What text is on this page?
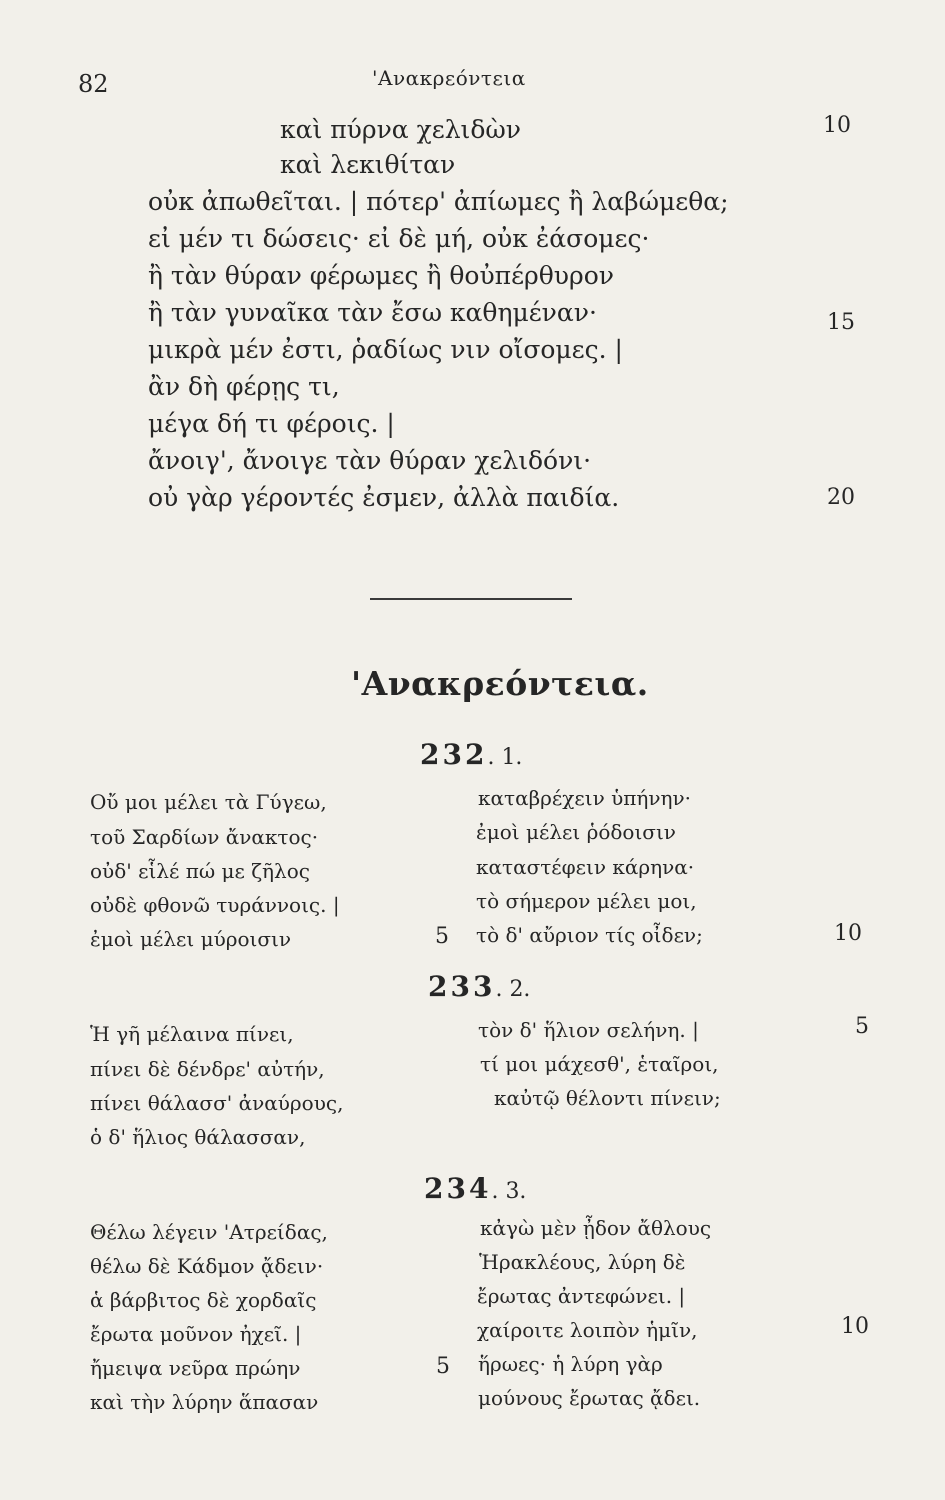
82	'Ανακρεόντεια
καὶ πύρνα χελιδὼν
καὶ λεκιθίταν
οὐκ ἀπωθεῖται. | πότερ' ἀπίωμες ἢ λαβώμεθα;
εἰ μέν τι δώσεις· εἰ δὲ μή, οὐκ ἐάσομες·
ἢ τὰν θύραν φέρωμες ἢ θοὐπέρθυρον
ἢ τὰν γυναῖκα τὰν ἔσω καθημέναν·
μικρὰ μέν ἐστι, ῥαδίως νιν οἴσομες. |
ἂν δὴ φέρῃς τι,
μέγα δή τι φέροις. |
ἄνοιγ', ἄνοιγε τὰν θύραν χελιδόνι·
οὐ γὰρ γέροντές ἐσμεν, ἀλλὰ παιδία.
10
15
20
'Ανακρεόντεια.
232. 1.
Οὔ μοι μέλει τὰ Γύγεω,
τοῦ Σαρδίων ἄνακτος·
οὐδ' εἷλέ πώ με ζῆλος
οὐδὲ φθονῶ τυράννοις. |
ἐμοὶ μέλει μύροισιν	5
καταβρέχειν ὑπήνην·
ἐμοὶ μέλει ῥόδοισιν
καταστέφειν κάρηνα·
τὸ σήμερον μέλει μοι,
τὸ δ' αὔριον τίς οἶδεν;	10
233. 2.
Ἡ γῆ μέλαινα πίνει,
πίνει δὲ δένδρε' αὐτήν,
πίνει θάλασσ' ἀναύρους,
ὁ δ' ἥλιος θάλασσαν,
τὸν δ' ἥλιον σελήνη. |
τί μοι μάχεσθ', ἑταῖροι,
καὐτῷ θέλοντι πίνειν;
5
234. 3.
Θέλω λέγειν 'Ατρείδας,
θέλω δὲ Κάδμον ᾄδειν·
ἁ βάρβιτος δὲ χορδαῖς
ἔρωτα μοῦνον ἠχεῖ. |
ἤμειψα νεῦρα πρώην
καὶ τὴν λύρην ἅπασαν
5
κἀγὼ μὲν ᾖδον ἄθλους
Ἡρακλέους, λύρη δὲ
ἔρωτας ἀντεφώνει. |
χαίροιτε λοιπὸν ἡμῖν,
ἥρωες· ἡ λύρη γὰρ
μούνους ἔρωτας ᾄδει.
10
